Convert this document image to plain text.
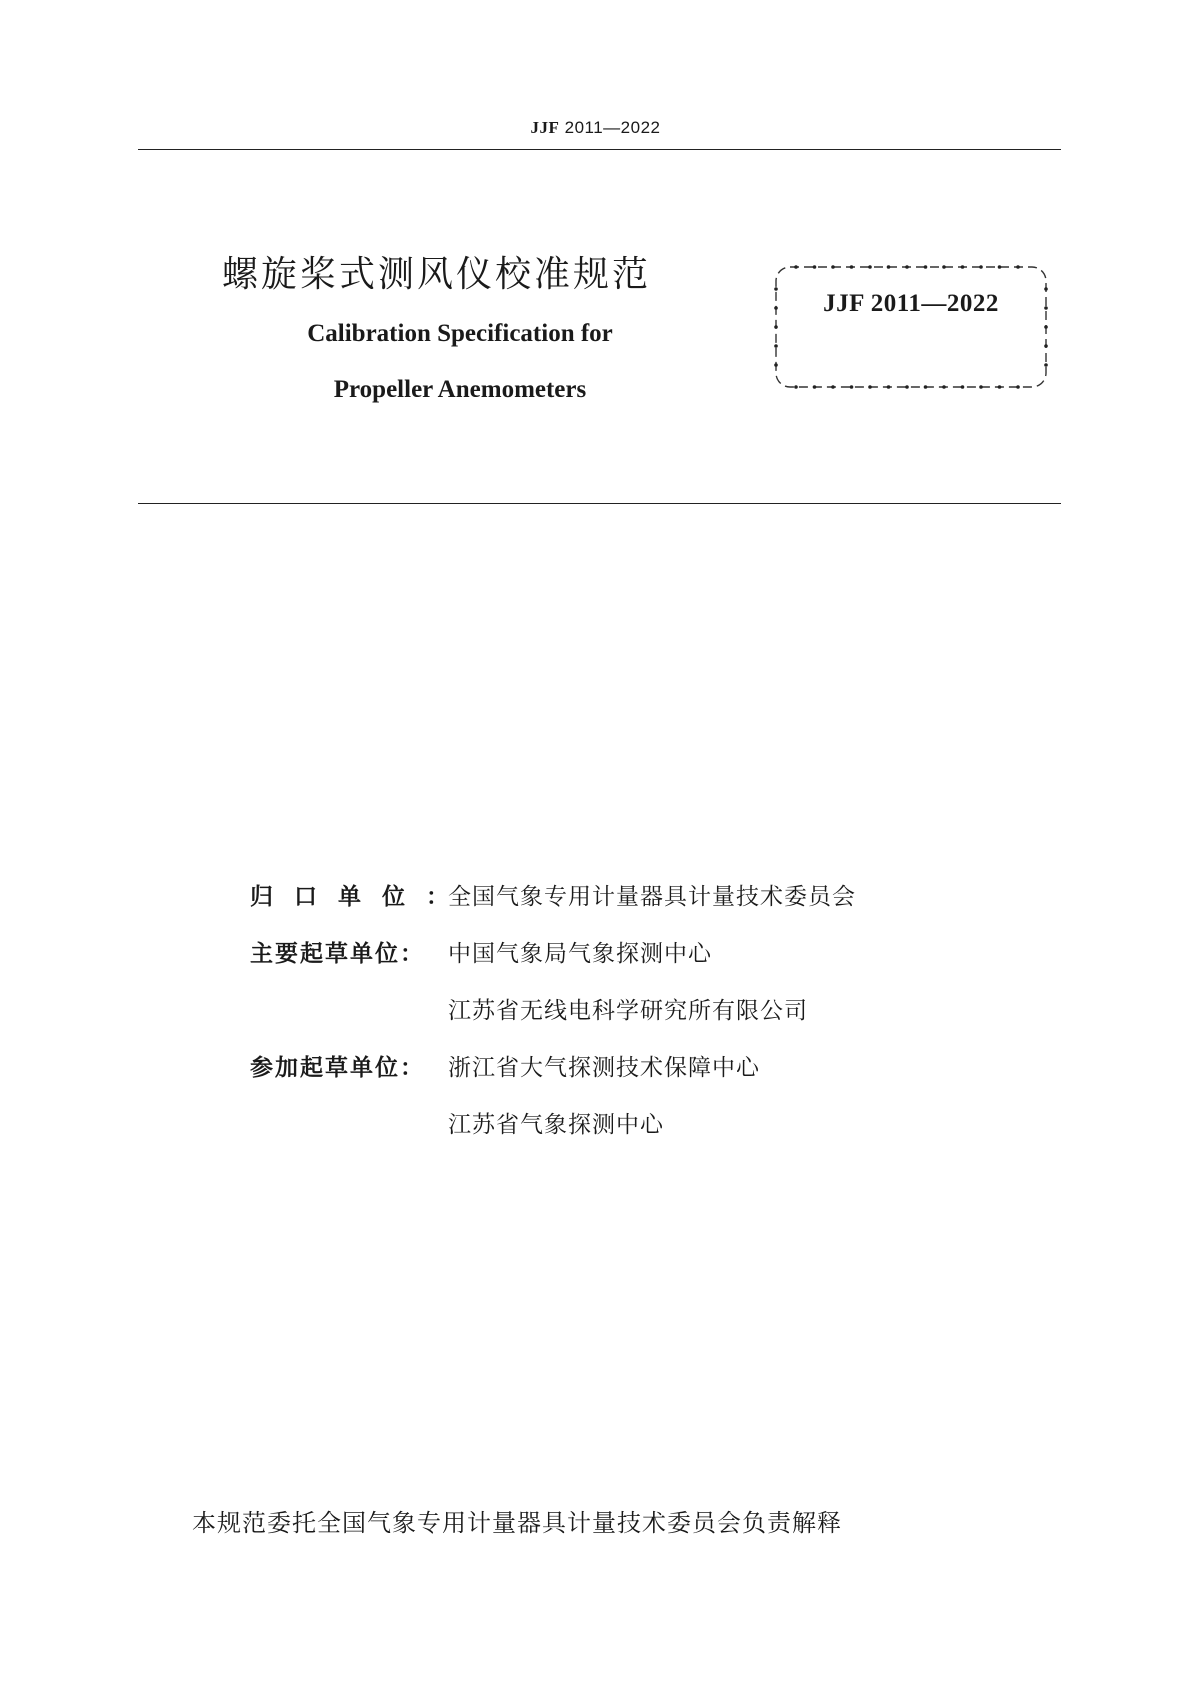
JJF 2011—2022
螺旋桨式测风仪校准规范
Calibration Specification for
Propeller Anemometers
JJF 2011—2022
归口单位：
全国气象专用计量器具计量技术委员会
主要起草单位：	中国气象局气象探测中心
江苏省无线电科学研究所有限公司
参加起草单位：	浙江省大气探测技术保障中心
江苏省气象探测中心
本规范委托全国气象专用计量器具计量技术委员会负责解释
